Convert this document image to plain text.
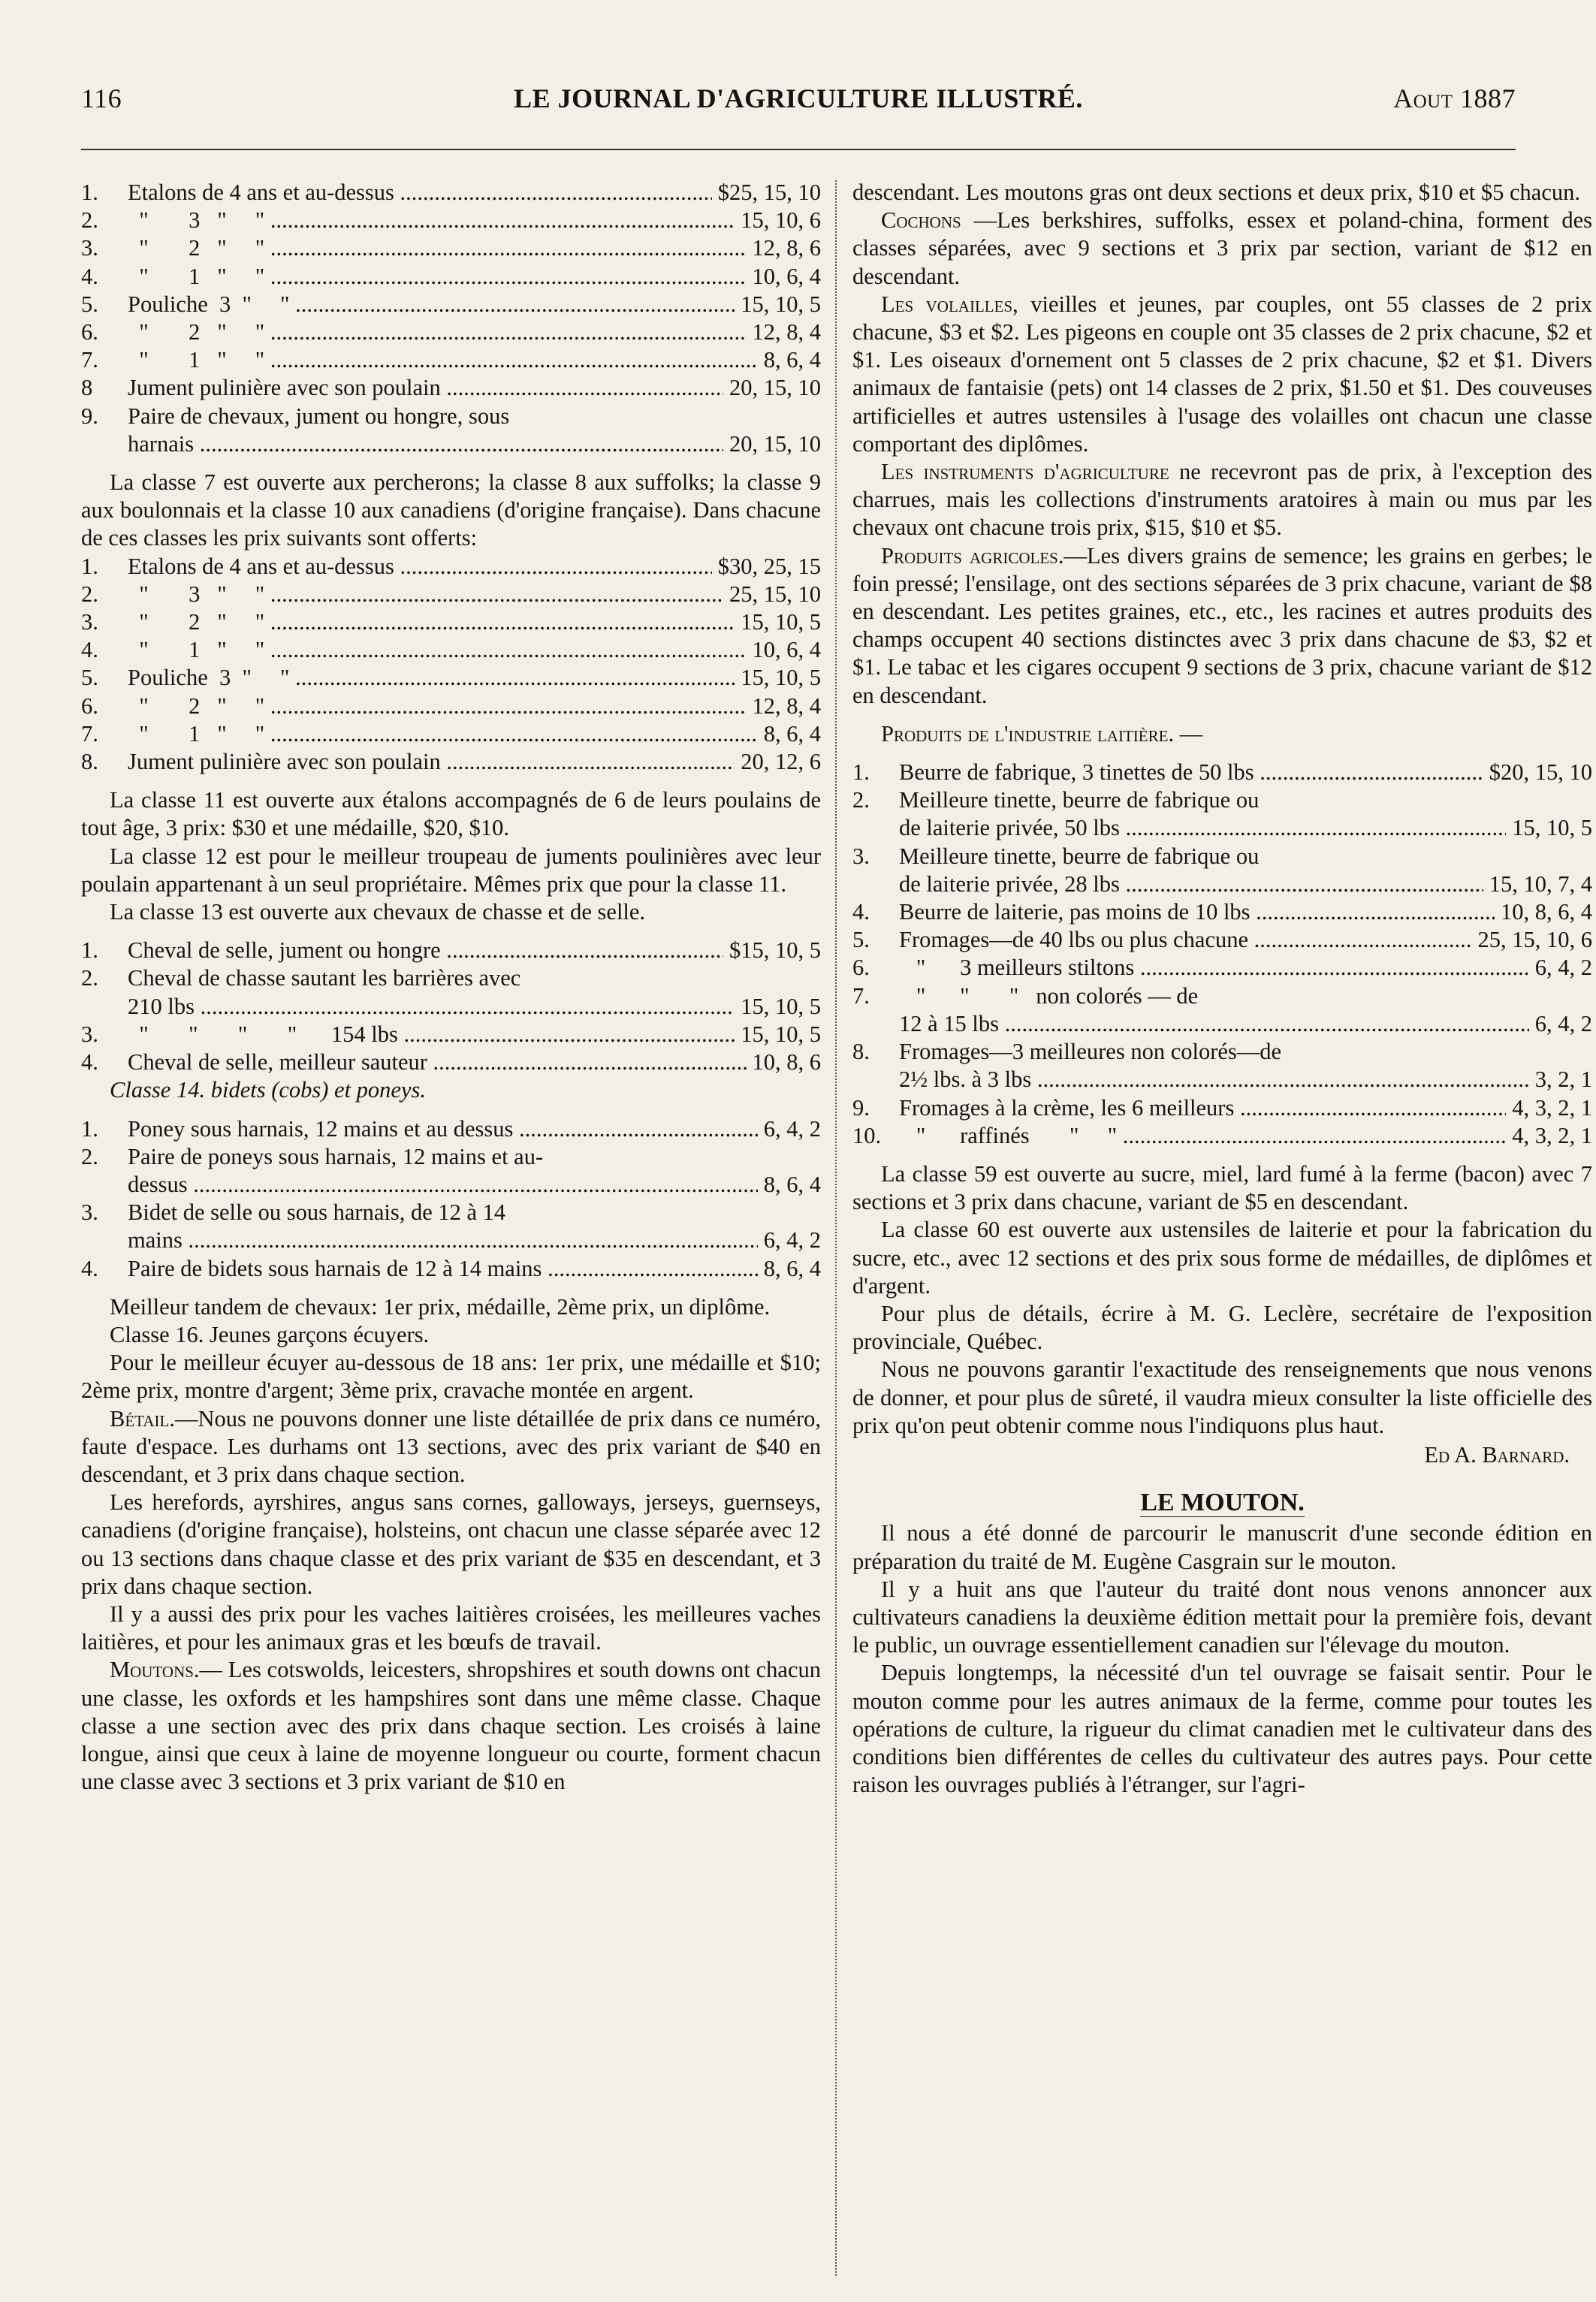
116	LE JOURNAL D'AGRICULTURE ILLUSTRÉ.	Aout 1887
1.	Etalons de 4 ans et au-dessus .....	$25, 15, 10
2.	"       3   "     " .....	15, 10, 6
3.	"       2   "     " .....	12, 8, 6
4.	"       1   "     " .....	10, 6, 4
5.	Pouliche  3  "     " .....	15, 10, 5
6.	"       2   "     " .....	12, 8, 4
7.	"       1   "     " .....	8, 6, 4
8	Jument pulinière avec son poulain .....	20, 15, 10
9.	Paire de chevaux, jument ou hongre, sous
harnais .....	20, 15, 10

La classe 7 est ouverte aux percherons; la classe 8 aux suffolks; la classe 9 aux boulonnais et la classe 10 aux canadiens (d'origine française). Dans chacune de ces classes les prix suivants sont offerts:

1.	Etalons de 4 ans et au-dessus .....	$30, 25, 15
2.	"       3   "     " .....	25, 15, 10
3.	"       2   "     " .....	15, 10, 5
4.	"       1   "     " .....	10, 6, 4
5.	Pouliche  3  "     " .....	15, 10, 5
6.	"       2   "     " .....	12, 8, 4
7.	"       1   "     " .....	8, 6, 4
8.	Jument pulinière avec son poulain .....	20, 12, 6

La classe 11 est ouverte aux étalons accompagnés de 6 de leurs poulains de tout âge, 3 prix: $30 et une médaille, $20, $10.

La classe 12 est pour le meilleur troupeau de juments poulinières avec leur poulain appartenant à un seul propriétaire. Mêmes prix que pour la classe 11.

La classe 13 est ouverte aux chevaux de chasse et de selle.

1.	Cheval de selle, jument ou hongre .....	$15, 10, 5
2.	Cheval de chasse sautant les barrières avec
210 lbs .....	15, 10, 5
3.	"       "       "       "      154 lbs .....	15, 10, 5
4.	Cheval de selle, meilleur sauteur .....	10, 8, 6

Classe 14. bidets (cobs) et poneys.

1.	Poney sous harnais, 12 mains et au dessus .....	6, 4, 2
2.	Paire de poneys sous harnais, 12 mains et au-
dessus .....	8, 6, 4
3.	Bidet de selle ou sous harnais, de 12 à 14
mains .....	6, 4, 2
4.	Paire de bidets sous harnais de 12 à 14 mains .....	8, 6, 4

Meilleur tandem de chevaux: 1er prix, médaille, 2ème prix, un diplôme.

Classe 16. Jeunes garçons écuyers.

Pour le meilleur écuyer au-dessous de 18 ans: 1er prix, une médaille et $10; 2ème prix, montre d'argent; 3ème prix, cravache montée en argent.

Bétail.—Nous ne pouvons donner une liste détaillée de prix dans ce numéro, faute d'espace. Les durhams ont 13 sections, avec des prix variant de $40 en descendant, et 3 prix dans chaque section.

Les herefords, ayrshires, angus sans cornes, galloways, jerseys, guernseys, canadiens (d'origine française), holsteins, ont chacun une classe séparée avec 12 ou 13 sections dans chaque classe et des prix variant de $35 en descendant, et 3 prix dans chaque section.

Il y a aussi des prix pour les vaches laitières croisées, les meilleures vaches laitières, et pour les animaux gras et les bœufs de travail.

Moutons.— Les cotswolds, leicesters, shropshires et south downs ont chacun une classe, les oxfords et les hampshires sont dans une même classe. Chaque classe a une section avec des prix dans chaque section. Les croisés à laine longue, ainsi que ceux à laine de moyenne longueur ou courte, forment chacun une classe avec 3 sections et 3 prix variant de $10 en

descendant. Les moutons gras ont deux sections et deux prix, $10 et $5 chacun.

Cochons —Les berkshires, suffolks, essex et poland-china, forment des classes séparées, avec 9 sections et 3 prix par section, variant de $12 en descendant.

Les volailles, vieilles et jeunes, par couples, ont 55 classes de 2 prix chacune, $3 et $2. Les pigeons en couple ont 35 classes de 2 prix chacune, $2 et $1. Les oiseaux d'ornement ont 5 classes de 2 prix chacune, $2 et $1. Divers animaux de fantaisie (pets) ont 14 classes de 2 prix, $1.50 et $1. Des couveuses artificielles et autres ustensiles à l'usage des volailles ont chacun une classe comportant des diplômes.

Les instruments d'agriculture ne recevront pas de prix, à l'exception des charrues, mais les collections d'instruments aratoires à main ou mus par les chevaux ont chacune trois prix, $15, $10 et $5.

Produits agricoles.—Les divers grains de semence; les grains en gerbes; le foin pressé; l'ensilage, ont des sections séparées de 3 prix chacune, variant de $8 en descendant. Les petites graines, etc., etc., les racines et autres produits des champs occupent 40 sections distinctes avec 3 prix dans chacune de $3, $2 et $1. Le tabac et les cigares occupent 9 sections de 3 prix, chacune variant de $12 en descendant.

Produits de l'industrie laitière. —

1.	Beurre de fabrique, 3 tinettes de 50 lbs .....	$20, 15, 10
2.	Meilleure tinette, beurre de fabrique ou
de laiterie privée, 50 lbs .....	15, 10, 5
3.	Meilleure tinette, beurre de fabrique ou
de laiterie privée, 28 lbs .....	15, 10, 7, 4
4.	Beurre de laiterie, pas moins de 10 lbs .....	10, 8, 6, 4
5.	Fromages—de 40 lbs ou plus chacune .....	25, 15, 10, 6
6.	"      3 meilleurs stiltons .....	6, 4, 2
7.	"      "       "   non colorés — de
12 à 15 lbs .....	6, 4, 2
8.	Fromages—3 meilleures non colorés—de
2½ lbs. à 3 lbs .....	3, 2, 1
9.	Fromages à la crème, les 6 meilleurs .....	4, 3, 2, 1
10. "      raffinés       "     " .....	4, 3, 2, 1

La classe 59 est ouverte au sucre, miel, lard fumé à la ferme (bacon) avec 7 sections et 3 prix dans chacune, variant de $5 en descendant.

La classe 60 est ouverte aux ustensiles de laiterie et pour la fabrication du sucre, etc., avec 12 sections et des prix sous forme de médailles, de diplômes et d'argent.

Pour plus de détails, écrire à M. G. Leclère, secrétaire de l'exposition provinciale, Québec.

Nous ne pouvons garantir l'exactitude des renseignements que nous venons de donner, et pour plus de sûreté, il vaudra mieux consulter la liste officielle des prix qu'on peut obtenir comme nous l'indiquons plus haut.

Ed A. Barnard.

LE MOUTON.

Il nous a été donné de parcourir le manuscrit d'une seconde édition en préparation du traité de M. Eugène Casgrain sur le mouton.

Il y a huit ans que l'auteur du traité dont nous venons annoncer aux cultivateurs canadiens la deuxième édition mettait pour la première fois, devant le public, un ouvrage essentiellement canadien sur l'élevage du mouton.

Depuis longtemps, la nécessité d'un tel ouvrage se faisait sentir. Pour le mouton comme pour les autres animaux de la ferme, comme pour toutes les opérations de culture, la rigueur du climat canadien met le cultivateur dans des conditions bien différentes de celles du cultivateur des autres pays. Pour cette raison les ouvrages publiés à l'étranger, sur l'agri-
